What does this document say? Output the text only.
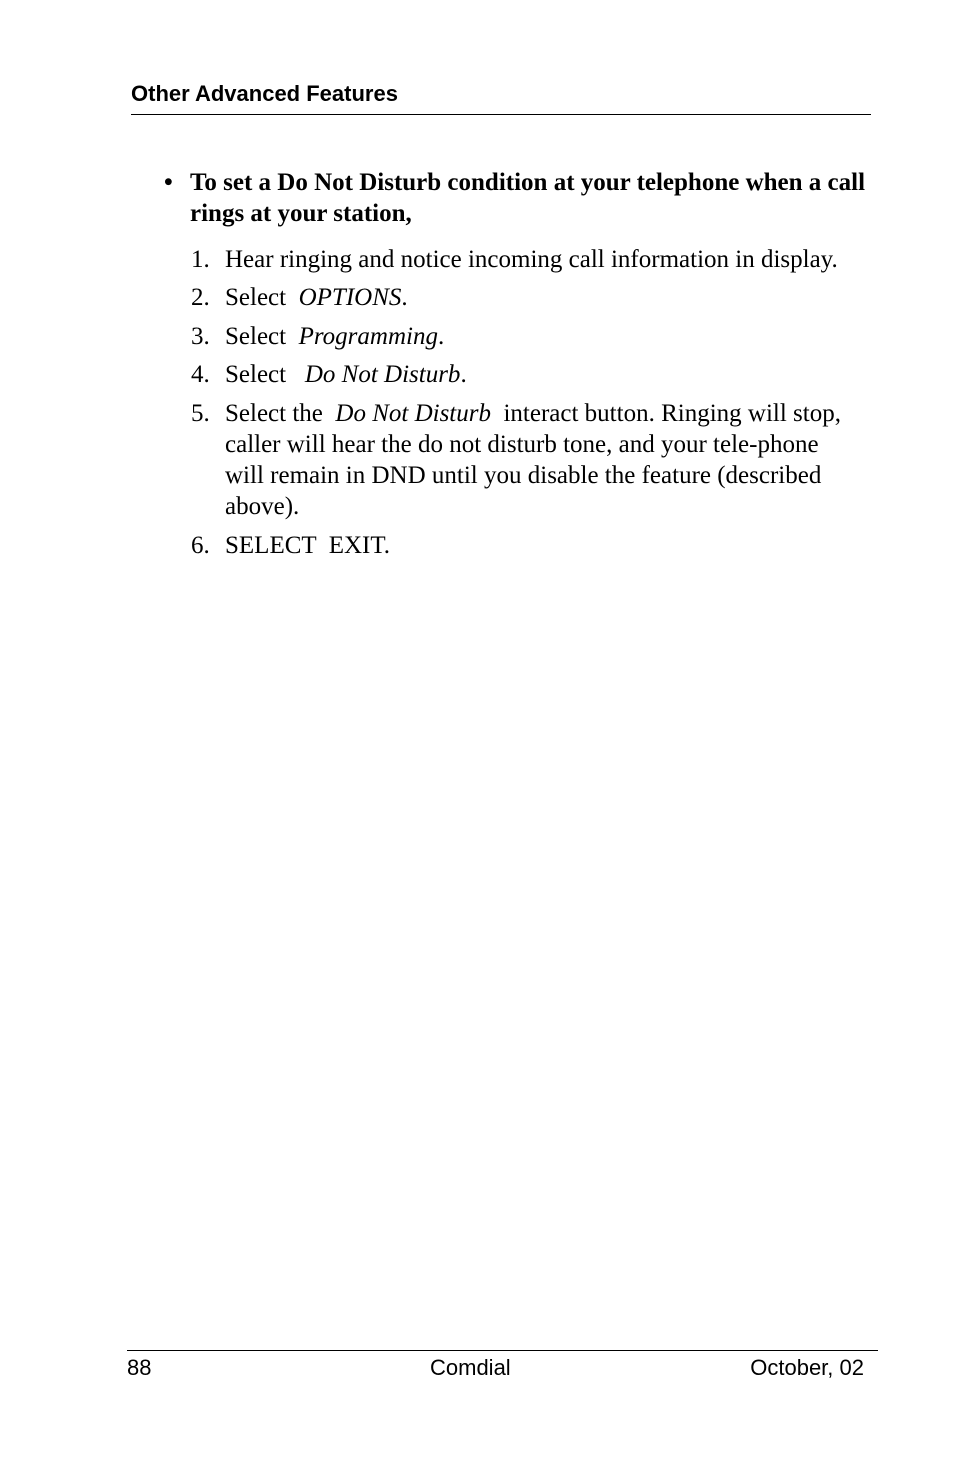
Other Advanced Features
• To set a Do Not Disturb condition at your telephone when a call rings at your station,
1. Hear ringing and notice incoming call information in display.
2. Select OPTIONS.
3. Select Programming.
4. Select Do Not Disturb.
5. Select the Do Not Disturb interact button. Ringing will stop, caller will hear the do not disturb tone, and your tele-phone will remain in DND until you disable the feature (described above).
6. SELECT  EXIT.
88	Comdial	October, 02
